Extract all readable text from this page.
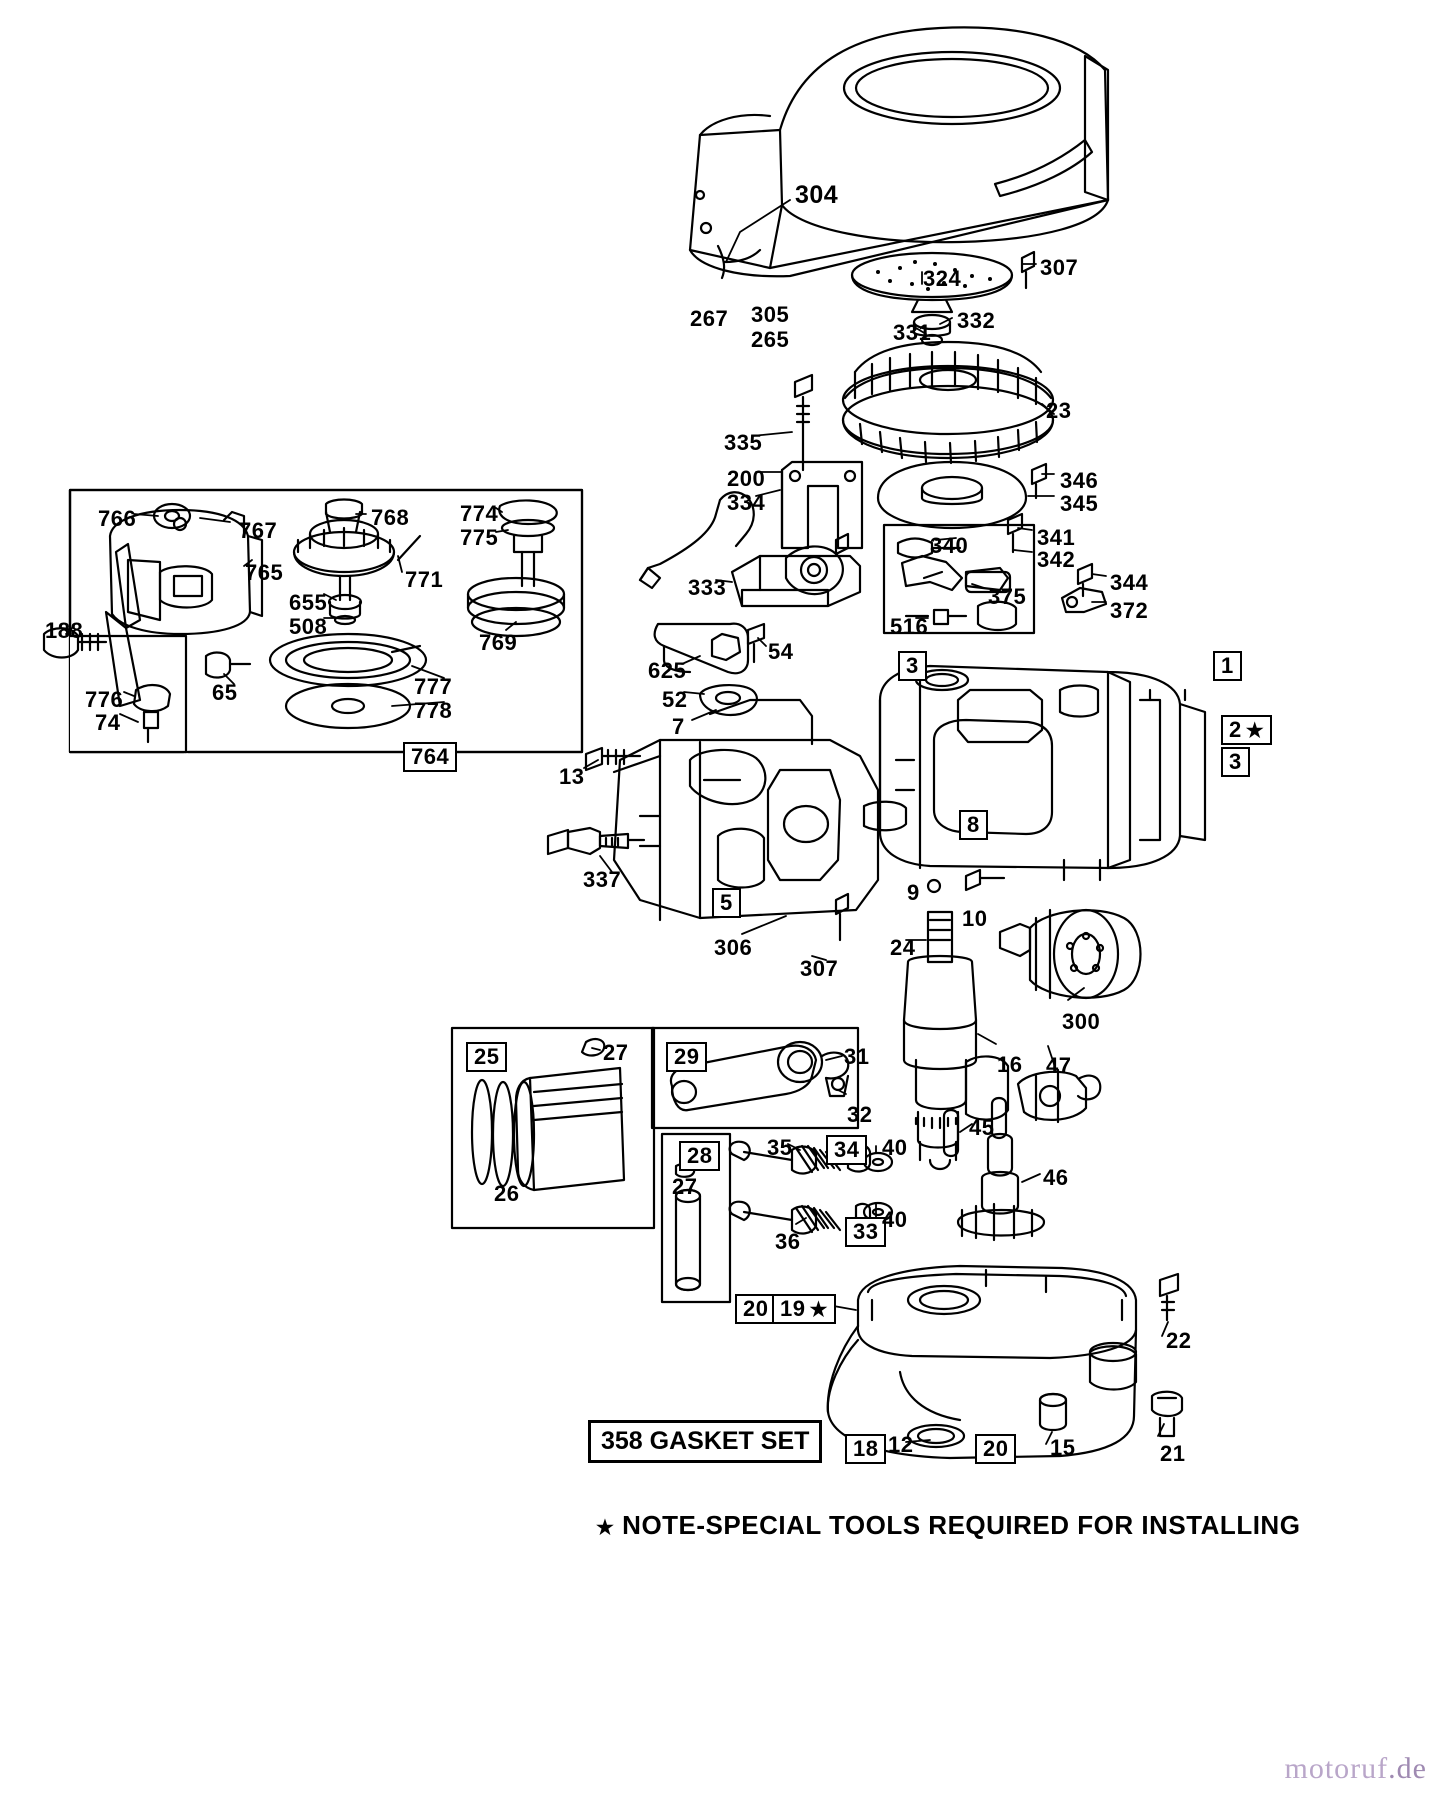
304
307
324
332
331
267 305
265
23
335
200
334
346
345
341
342
340
375
344
372
516
333
54
625
52
7
3	1
2 ★
3
13
8
9
10
337
5
306
307
24
300
16 47
25	27
26
29	31
32
28
27
35	34	40
45
46
36	33 40
20 19 ★
22
21
18 12	20	15
766	767
765
768
771
655
508
774
775
769
777
778
188
776
74
65
764
358 GASKET SET
★ NOTE-SPECIAL TOOLS REQUIRED FOR INSTALLING
motoruf.de
